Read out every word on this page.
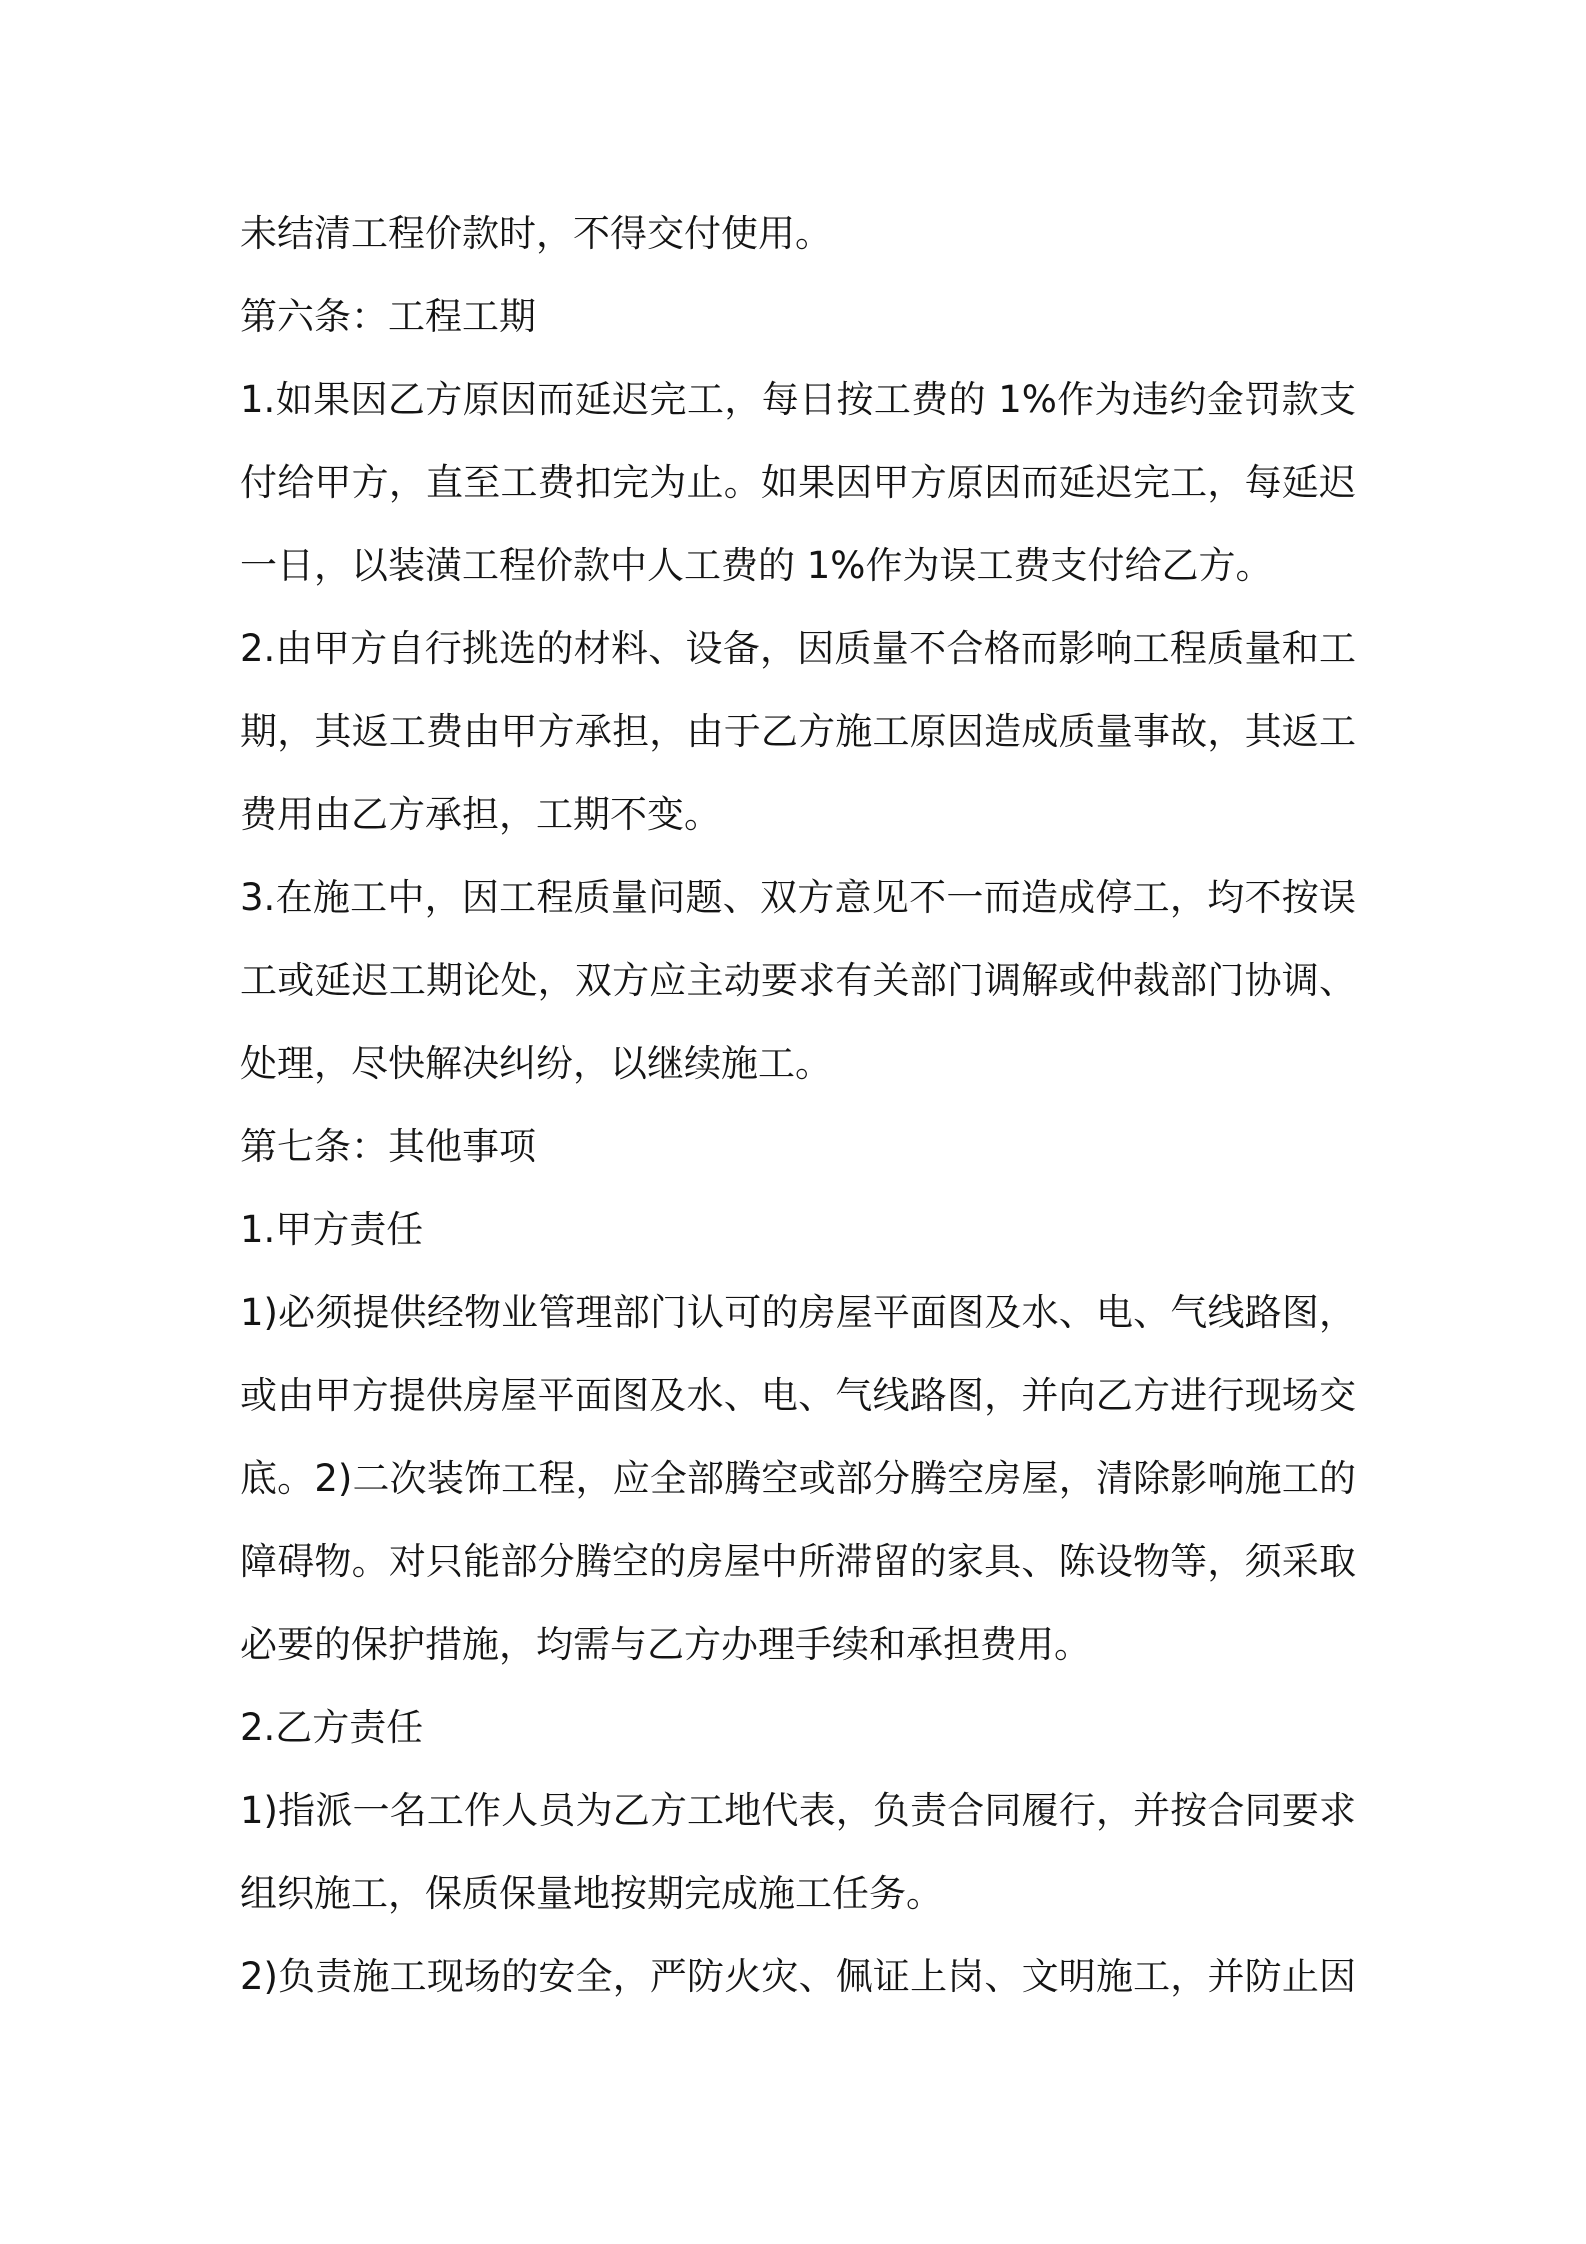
未结清工程价款时，不得交付使用。
第六条：工程工期
1.如果因乙方原因而延迟完工，每日按工费的 1%作为违约金罚款支
付给甲方，直至工费扣完为止。如果因甲方原因而延迟完工，每延迟
一日，以装潢工程价款中人工费的 1%作为误工费支付给乙方。
2.由甲方自行挑选的材料、设备，因质量不合格而影响工程质量和工
期，其返工费由甲方承担，由于乙方施工原因造成质量事故，其返工
费用由乙方承担，工期不变。
3.在施工中，因工程质量问题、双方意见不一而造成停工，均不按误
工或延迟工期论处，双方应主动要求有关部门调解或仲裁部门协调、
处理，尽快解决纠纷，以继续施工。
第七条：其他事项
1.甲方责任
1)必须提供经物业管理部门认可的房屋平面图及水、电、气线路图，
或由甲方提供房屋平面图及水、电、气线路图，并向乙方进行现场交
底。2)二次装饰工程，应全部腾空或部分腾空房屋，清除影响施工的
障碍物。对只能部分腾空的房屋中所滞留的家具、陈设物等，须采取
必要的保护措施，均需与乙方办理手续和承担费用。
2.乙方责任
1)指派一名工作人员为乙方工地代表，负责合同履行，并按合同要求
组织施工，保质保量地按期完成施工任务。
2)负责施工现场的安全，严防火灾、佩证上岗、文明施工，并防止因
